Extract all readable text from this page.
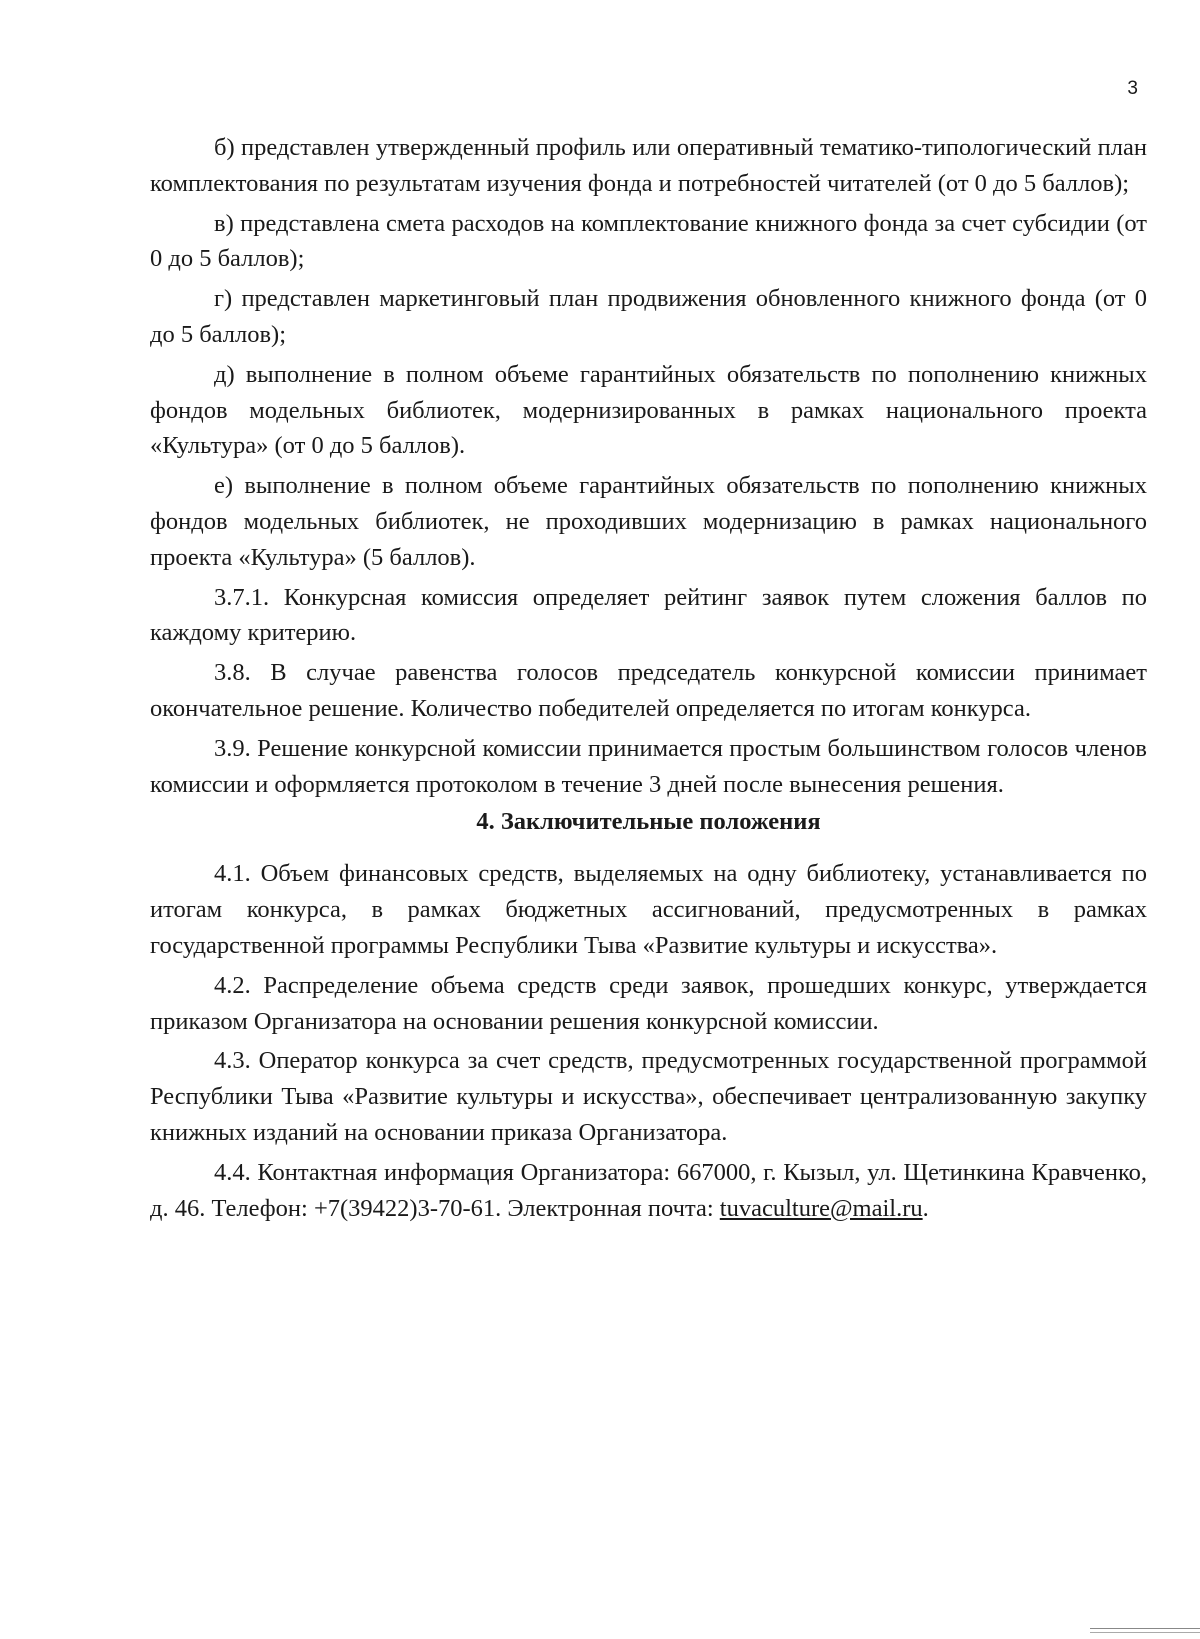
3

б) представлен утвержденный профиль или оперативный тематико-типологический план комплектования по результатам изучения фонда и потребностей читателей (от 0 до 5 баллов);

в) представлена смета расходов на комплектование книжного фонда за счет субсидии (от 0 до 5 баллов);

г) представлен маркетинговый план продвижения обновленного книжного фонда (от 0 до 5 баллов);

д) выполнение в полном объеме гарантийных обязательств по пополнению книжных фондов модельных библиотек, модернизированных в рамках национального проекта «Культура» (от 0 до 5 баллов).

е) выполнение в полном объеме гарантийных обязательств по пополнению книжных фондов модельных библиотек, не проходивших модернизацию в рамках национального проекта «Культура» (5 баллов).

3.7.1. Конкурсная комиссия определяет рейтинг заявок путем сложения баллов по каждому критерию.

3.8. В случае равенства голосов председатель конкурсной комиссии принимает окончательное решение. Количество победителей определяется по итогам конкурса.

3.9. Решение конкурсной комиссии принимается простым большинством голосов членов комиссии и оформляется протоколом в течение 3 дней после вынесения решения.

4. Заключительные положения

4.1. Объем финансовых средств, выделяемых на одну библиотеку, устанавливается по итогам конкурса, в рамках бюджетных ассигнований, предусмотренных в рамках государственной программы Республики Тыва «Развитие культуры и искусства».

4.2. Распределение объема средств среди заявок, прошедших конкурс, утверждается приказом Организатора на основании решения конкурсной комиссии.

4.3. Оператор конкурса за счет средств, предусмотренных государственной программой Республики Тыва «Развитие культуры и искусства», обеспечивает централизованную закупку книжных изданий на основании приказа Организатора.

4.4. Контактная информация Организатора: 667000, г. Кызыл, ул. Щетинкина Кравченко, д. 46. Телефон: +7(39422)3-70-61. Электронная почта: tuvaculture@mail.ru.
